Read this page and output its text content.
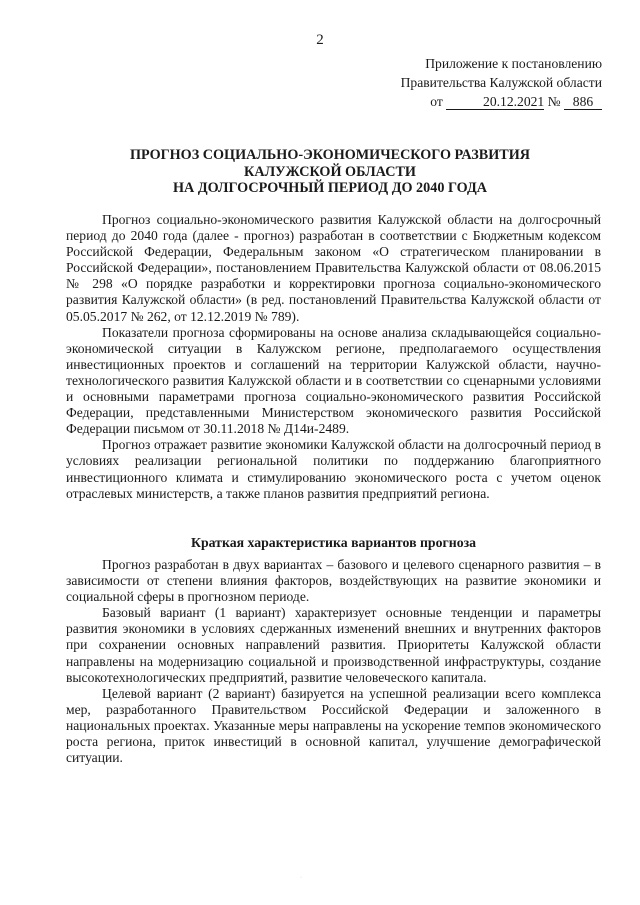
2
Приложение к постановлению
Правительства Калужской области
от	20.12.2021 № 886
ПРОГНОЗ СОЦИАЛЬНО-ЭКОНОМИЧЕСКОГО РАЗВИТИЯ
КАЛУЖСКОЙ ОБЛАСТИ
НА ДОЛГОСРОЧНЫЙ ПЕРИОД ДО 2040 ГОДА

Прогноз социально-экономического развития Калужской области на долгосрочный период до 2040 года (далее - прогноз) разработан в соответствии с Бюджетным кодексом Российской Федерации, Федеральным законом «О стратегическом планировании в Российской Федерации», постановлением Правительства Калужской области от 08.06.2015 № 298 «О порядке разработки и корректировки прогноза социально-экономического развития Калужской области» (в ред. постановлений Правительства Калужской области от 05.05.2017 № 262, от 12.12.2019 № 789).

Показатели прогноза сформированы на основе анализа складывающейся социально-экономической ситуации в Калужском регионе, предполагаемого осуществления инвестиционных проектов и соглашений на территории Калужской области, научно-технологического развития Калужской области и в соответствии со сценарными условиями и основными параметрами прогноза социально-экономического развития Российской Федерации, представленными Министерством экономического развития Российской Федерации письмом от 30.11.2018 № Д14и-2489.

Прогноз отражает развитие экономики Калужской области на долгосрочный период в условиях реализации региональной политики по поддержанию благоприятного инвестиционного климата и стимулированию экономического роста с учетом оценок отраслевых министерств, а также планов развития предприятий региона.

Краткая характеристика вариантов прогноза

Прогноз разработан в двух вариантах – базового и целевого сценарного развития – в зависимости от степени влияния факторов, воздействующих на развитие экономики и социальной сферы в прогнозном периоде.

Базовый вариант (1 вариант) характеризует основные тенденции и параметры развития экономики в условиях сдержанных изменений внешних и внутренних факторов при сохранении основных направлений развития. Приоритеты Калужской области направлены на модернизацию социальной и производственной инфраструктуры, создание высокотехнологических предприятий, развитие человеческого капитала.

Целевой вариант (2 вариант) базируется на успешной реализации всего комплекса мер, разработанного Правительством Российской Федерации и заложенного в национальных проектах. Указанные меры направлены на ускорение темпов экономического роста региона, приток инвестиций в основной капитал, улучшение демографической ситуации.

·
